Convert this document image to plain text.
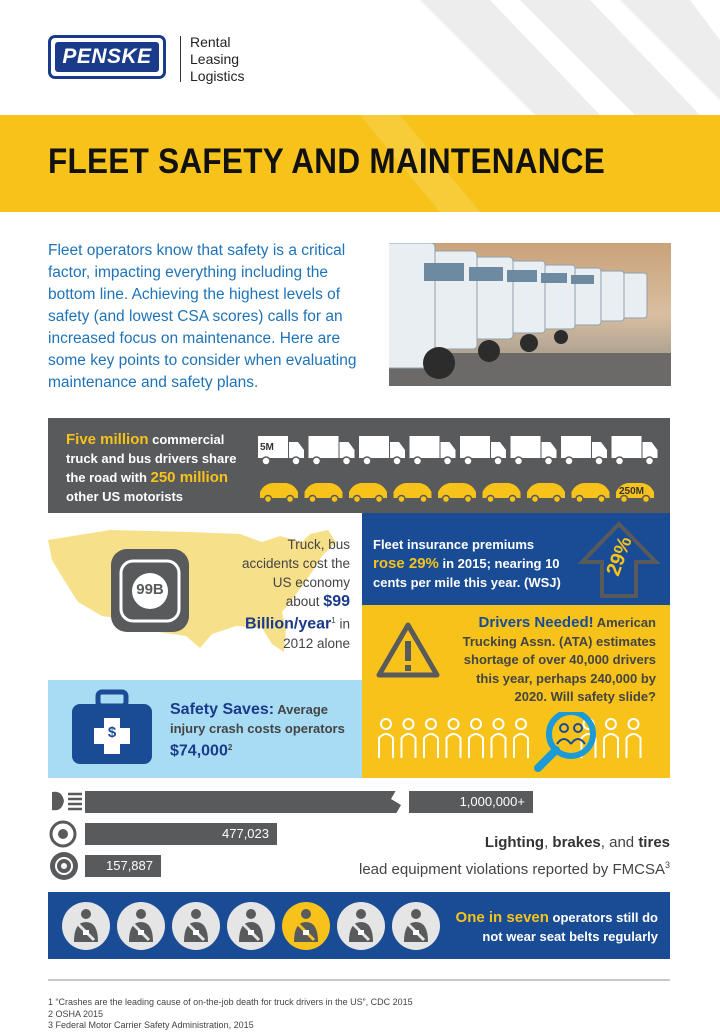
PENSKE
Rental
Leasing
Logistics
FLEET SAFETY AND MAINTENANCE

Fleet operators know that safety is a critical factor, impacting everything including the bottom line. Achieving the highest levels of safety (and lowest CSA scores) calls for an increased focus on maintenance. Here are some key points to consider when evaluating maintenance and safety plans.

Five million commercial truck and bus drivers share the road with 250 million other US motorists
5M
250M
99B
Truck, bus accidents cost the US economy about $99 Billion/year$^1$ in 2012 alone
Fleet insurance premiums
rose 29% in 2015; nearing 10 cents per mile this year. (WSJ)
29%
Drivers Needed! American Trucking Assn. (ATA) estimates shortage of over 40,000 drivers this year, perhaps 240,000 by 2020. Will safety slide?
$
Safety Saves: Average injury crash costs operators $74,000$^2$
1,000,000+
477,023
157,887
Lighting, brakes, and tires
lead equipment violations reported by FMCSA$^3$
One in seven operators still do not wear seat belts regularly
1 “Crashes are the leading cause of on-the-job death for truck drivers in the US”, CDC 2015
2 OSHA 2015
3 Federal Motor Carrier Safety Administration, 2015
